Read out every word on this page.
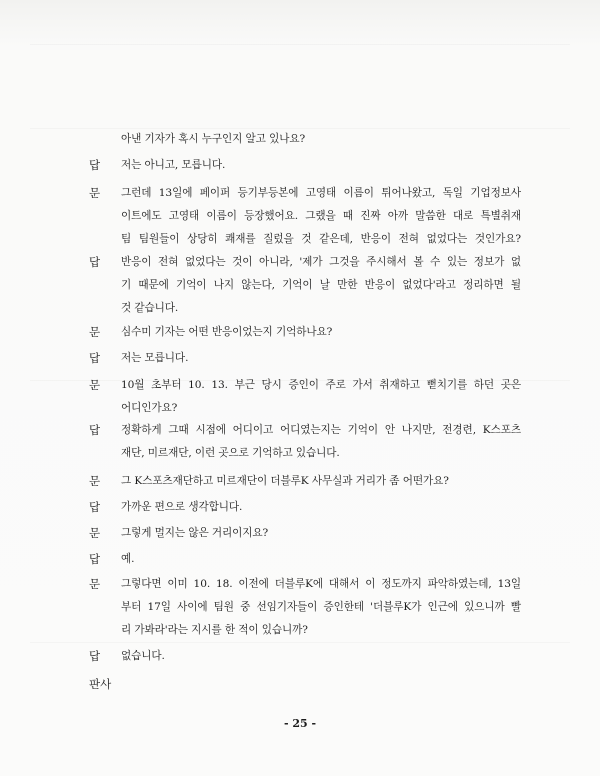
아낸 기자가 혹시 누구인지 알고 있나요?
답 저는 아니고, 모릅니다.
문 그런데 13일에 페이퍼 등기부등본에 고영태 이름이 튀어나왔고, 독일 기업정보사
이트에도 고영태 이름이 등장했어요. 그랬을 때 진짜 아까 말씀한 대로 특별취재
팀 팀원들이 상당히 쾌재를 질렀을 것 같은데, 반응이 전혀 없었다는 것인가요?
답 반응이 전혀 없었다는 것이 아니라, '제가 그것을 주시해서 볼 수 있는 정보가 없
기 때문에 기억이 나지 않는다, 기억이 날 만한 반응이 없었다'라고 정리하면 될
것 같습니다.
문 심수미 기자는 어떤 반응이었는지 기억하나요?
답 저는 모릅니다.
문 10월 초부터 10. 13. 부근 당시 증인이 주로 가서 취재하고 뻗치기를 하던 곳은
어디인가요?
답 정확하게 그때 시점에 어디이고 어디였는지는 기억이 안 나지만, 전경련, K스포츠
재단, 미르재단, 이런 곳으로 기억하고 있습니다.
문 그 K스포츠재단하고 미르재단이 더블루K 사무실과 거리가 좀 어떤가요?
답 가까운 편으로 생각합니다.
문 그렇게 멀지는 않은 거리이지요?
답 예.
문 그렇다면 이미 10. 18. 이전에 더블루K에 대해서 이 정도까지 파악하였는데, 13일
부터 17일 사이에 팀원 중 선임기자들이 증인한테 '더블루K가 인근에 있으니까 빨
리 가봐라'라는 지시를 한 적이 있습니까?
답 없습니다.
판사
- 25 -
